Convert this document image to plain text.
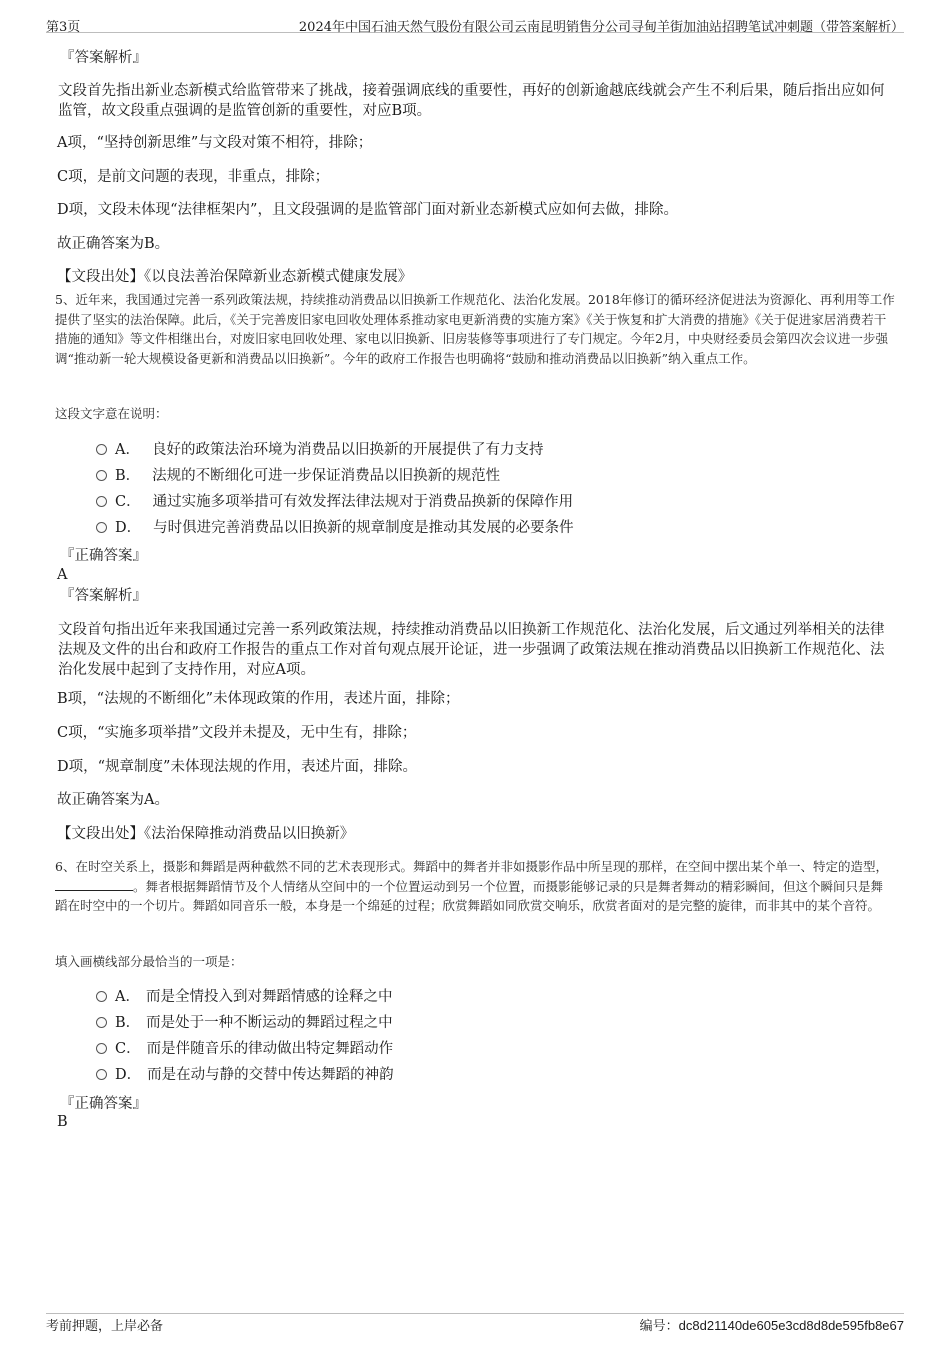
第3页	2024年中国石油天然气股份有限公司云南昆明销售分公司寻甸羊街加油站招聘笔试冲刺题（带答案解析）
『答案解析』
文段首先指出新业态新模式给监管带来了挑战，接着强调底线的重要性，再好的创新逾越底线就会产生不利后果，随后指出应如何监管，故文段重点强调的是监管创新的重要性，对应B项。
A项，“坚持创新思维”与文段对策不相符，排除；
C项，是前文问题的表现，非重点，排除；
D项，文段未体现“法律框架内”，且文段强调的是监管部门面对新业态新模式应如何去做，排除。
故正确答案为B。
【文段出处】《以良法善治保障新业态新模式健康发展》
5、近年来，我国通过完善一系列政策法规，持续推动消费品以旧换新工作规范化、法治化发展。2018年修订的循环经济促进法为资源化、再利用等工作提供了坚实的法治保障。此后，《关于完善废旧家电回收处理体系推动家电更新消费的实施方案》《关于恢复和扩大消费的措施》《关于促进家居消费若干措施的通知》等文件相继出台，对废旧家电回收处理、家电以旧换新、旧房装修等事项进行了专门规定。今年2月，中央财经委员会第四次会议进一步强调“推动新一轮大规模设备更新和消费品以旧换新”。今年的政府工作报告也明确将“鼓励和推动消费品以旧换新”纳入重点工作。
这段文字意在说明：
A． 良好的政策法治环境为消费品以旧换新的开展提供了有力支持
B． 法规的不断细化可进一步保证消费品以旧换新的规范性
C． 通过实施多项举措可有效发挥法律法规对于消费品换新的保障作用
D． 与时俱进完善消费品以旧换新的规章制度是推动其发展的必要条件
『正确答案』
A
『答案解析』
文段首句指出近年来我国通过完善一系列政策法规，持续推动消费品以旧换新工作规范化、法治化发展，后文通过列举相关的法律法规及文件的出台和政府工作报告的重点工作对首句观点展开论证，进一步强调了政策法规在推动消费品以旧换新工作规范化、法治化发展中起到了支持作用，对应A项。
B项，“法规的不断细化”未体现政策的作用，表述片面，排除；
C项，“实施多项举措”文段并未提及，无中生有，排除；
D项，“规章制度”未体现法规的作用，表述片面，排除。
故正确答案为A。
【文段出处】《法治保障推动消费品以旧换新》
6、在时空关系上，摄影和舞蹈是两种截然不同的艺术表现形式。舞蹈中的舞者并非如摄影作品中所呈现的那样，在空间中摆出某个单一、特定的造型，。舞者根据舞蹈情节及个人情绪从空间中的一个位置运动到另一个位置，而摄影能够记录的只是舞者舞动的精彩瞬间，但这个瞬间只是舞蹈在时空中的一个切片。舞蹈如同音乐一般，本身是一个绵延的过程；欣赏舞蹈如同欣赏交响乐，欣赏者面对的是完整的旋律，而非其中的某个音符。
填入画横线部分最恰当的一项是：
A． 而是全情投入到对舞蹈情感的诠释之中
B． 而是处于一种不断运动的舞蹈过程之中
C． 而是伴随音乐的律动做出特定舞蹈动作
D． 而是在动与静的交替中传达舞蹈的神韵
『正确答案』
B
考前押题，上岸必备	编号：dc8d21140de605e3cd8d8de595fb8e67
